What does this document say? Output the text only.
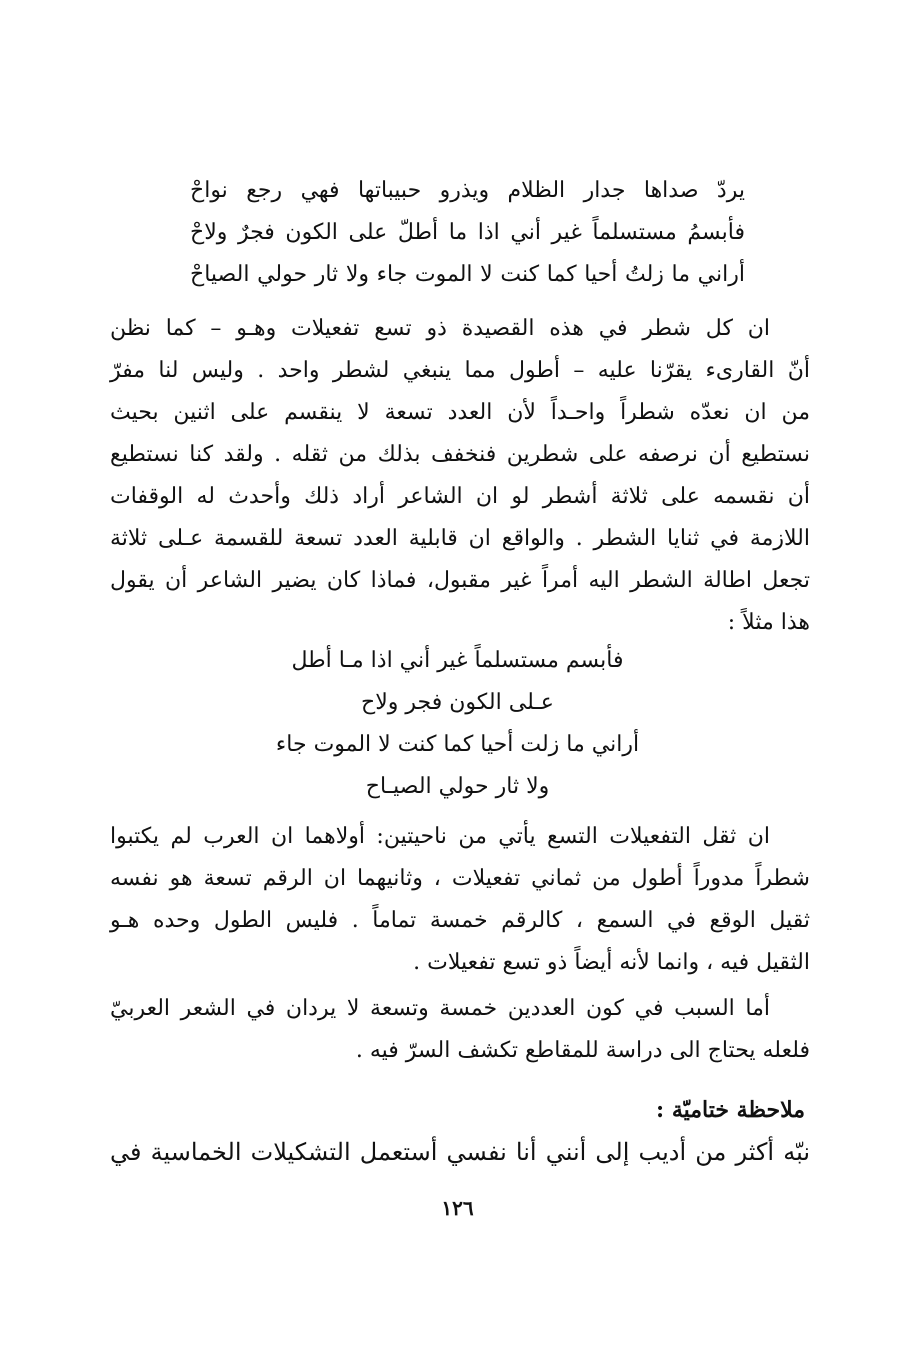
يردّ صداها جدار الظلام ويذرو حبيباتها فهي رجع نواحْ
فأبسمُ مستسلماً غير أني اذا ما أطلّ على الكون فجرٌ ولاحْ
أراني ما زلتُ أحيا كما كنت لا الموت جاء ولا ثار حولي الصياحْ
ان كل شطر في هذه القصيدة ذو تسع تفعيلات وهـو – كما نظن
أنّ القارىء يقرّنا عليه – أطول مما ينبغي لشطر واحد . وليس لنا مفرّ
من ان نعدّه شطراً واحـداً لأن العدد تسعة لا ينقسم على اثنين بحيث
نستطيع أن نرصفه على شطرين فنخفف بذلك من ثقله . ولقد كنا نستطيع
أن نقسمه على ثلاثة أشطر لو ان الشاعر أراد ذلك وأحدث له الوقفات
اللازمة في ثنايا الشطر . والواقع ان قابلية العدد تسعة للقسمة عـلى ثلاثة
تجعل اطالة الشطر اليه أمراً غير مقبول، فماذا كان يضير الشاعر أن يقول
هذا مثلاً :
فأبسم مستسلماً غير أني اذا مـا أطل
عـلى الكون فجر ولاح
أراني ما زلت أحيا كما كنت لا الموت جاء
ولا ثار حولي الصيـاح
ان ثقل التفعيلات التسع يأتي من ناحيتين: أولاهما ان العرب لم يكتبوا
شطراً مدوراً أطول من ثماني تفعيلات ، وثانيهما ان الرقم تسعة هو نفسه
ثقيل الوقع في السمع ، كالرقم خمسة تماماً . فليس الطول وحده هـو
الثقيل فيه ، وانما لأنه أيضاً ذو تسع تفعيلات .
أما السبب في كون العددين خمسة وتسعة لا يردان في الشعر العربيّ
فلعله يحتاج الى دراسة للمقاطع تكشف السرّ فيه .
ملاحظة ختاميّة :
نبّه أكثر من أديب إلى أنني أنا نفسي أستعمل التشكيلات الخماسية في
١٢٦
